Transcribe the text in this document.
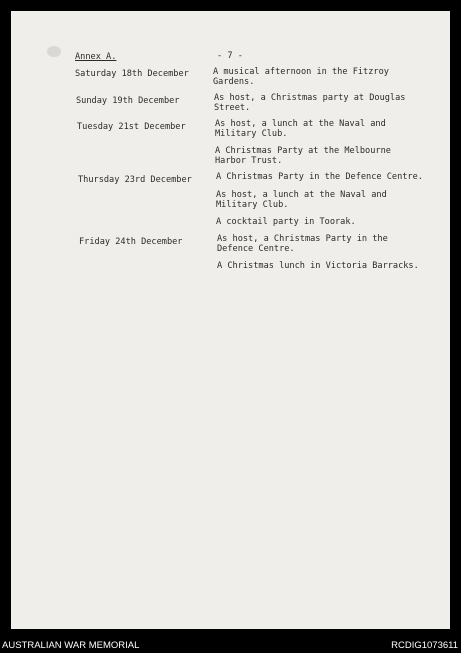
Annex A.	- 7 -
Saturday 18th December	A musical afternoon in the Fitzroy
Gardens.
Sunday 19th December	As host, a Christmas party at Douglas
Street.
Tuesday 21st December	As host, a lunch at the Naval and
Military Club.
A Christmas Party at the Melbourne
Harbor Trust.
Thursday 23rd December	A Christmas Party in the Defence Centre.
As host, a lunch at the Naval and
Military Club.
A cocktail party in Toorak.
Friday 24th December	As host, a Christmas Party in the
Defence Centre.
A Christmas lunch in Victoria Barracks.
AUSTRALIAN WAR MEMORIAL	RCDIG1073611
